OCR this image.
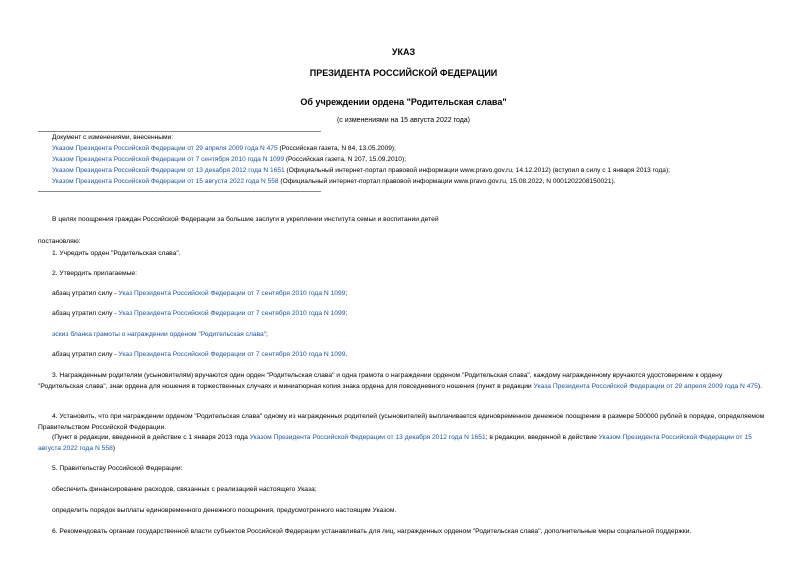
УКАЗ
ПРЕЗИДЕНТА РОССИЙСКОЙ ФЕДЕРАЦИИ
Об учреждении ордена "Родительская слава"
(с изменениями на 15 августа 2022 года)
Документ с изменениями, внесенными:
Указом Президента Российской Федерации от 29 апреля 2009 года N 475 (Российская газета, N 84, 13.05.2009);
Указом Президента Российской Федерации от 7 сентября 2010 года N 1099 (Российская газета, N 207, 15.09.2010);
Указом Президента Российской Федерации от 13 декабря 2012 года N 1651 (Официальный интернет-портал правовой информации www.pravo.gov.ru, 14.12.2012) (вступил в силу с 1 января 2013 года);
Указом Президента Российской Федерации от 15 августа 2022 года N 558 (Официальный интернет-портал правовой информации www.pravo.gov.ru, 15.08.2022, N 0001202208150021).
В целях поощрения граждан Российской Федерации за большие заслуги в укреплении института семьи и воспитании детей
постановляю:
1. Учредить орден "Родительская слава".
2. Утвердить прилагаемые:
абзац утратил силу - Указ Президента Российской Федерации от 7 сентября 2010 года N 1099;
абзац утратил силу - Указ Президента Российской Федерации от 7 сентября 2010 года N 1099;
эскиз бланка грамоты о награждении орденом "Родительская слава";
абзац утратил силу - Указ Президента Российской Федерации от 7 сентября 2010 года N 1099.
3. Награжденным родителям (усыновителям) вручаются один орден "Родительская слава" и одна грамота о награждении орденом "Родительская слава", каждому награжденному вручаются удостоверение к ордену "Родительская слава", знак ордена для ношения в торжественных случаях и миниатюрная копия знака ордена для повседневного ношения (пункт в редакции Указа Президента Российской Федерации от 29 апреля 2009 года N 475).
4. Установить, что при награждении орденом "Родительская слава" одному из награжденных родителей (усыновителей) выплачивается единовременное денежное поощрение в размере 500000 рублей в порядке, определяемом Правительством Российской Федерации.
(Пункт в редакции, введенной в действие с 1 января 2013 года Указом Президента Российской Федерации от 13 декабря 2012 года N 1651; в редакции, введенной в действие Указом Президента Российской Федерации от 15 августа 2022 года N 558)
5. Правительству Российской Федерации:
обеспечить финансирование расходов, связанных с реализацией настоящего Указа;
определить порядок выплаты единовременного денежного поощрения, предусмотренного настоящим Указом.
6. Рекомендовать органам государственной власти субъектов Российской Федерации устанавливать для лиц, награжденных орденом "Родительская слава", дополнительные меры социальной поддержки.
